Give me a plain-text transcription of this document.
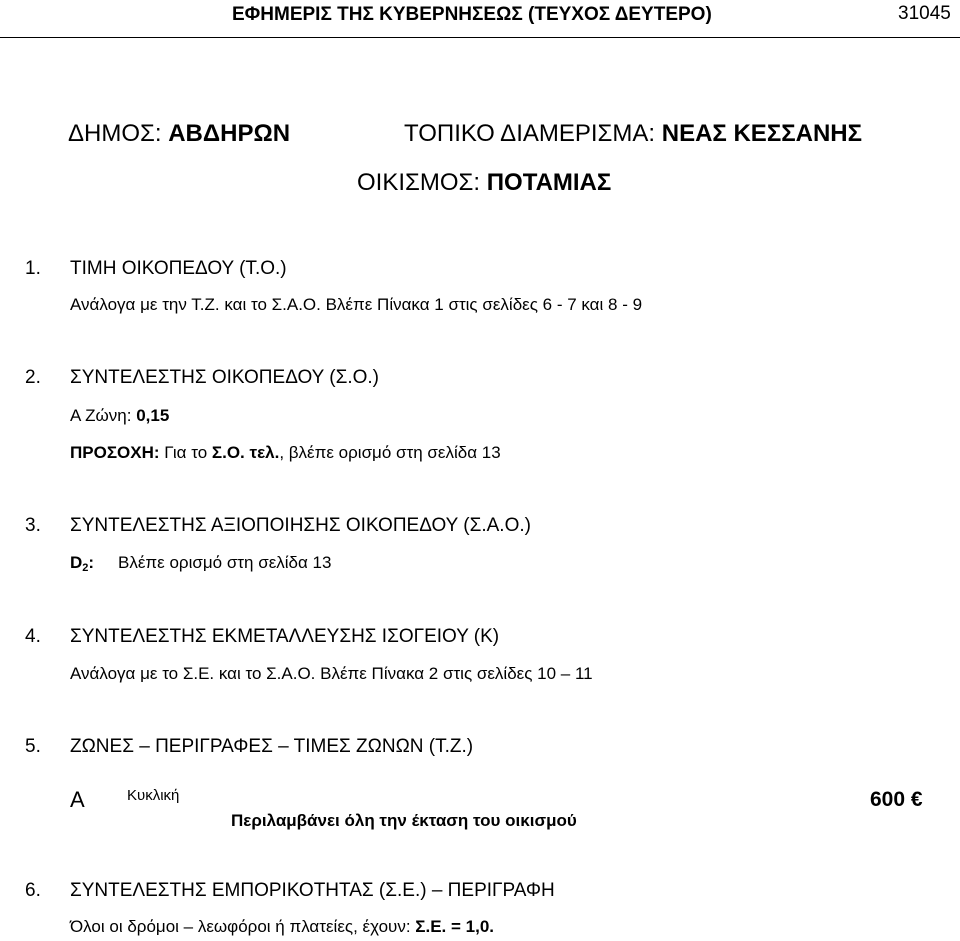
ΕΦΗΜΕΡΙΣ ΤΗΣ ΚΥΒΕΡΝΗΣΕΩΣ (ΤΕΥΧΟΣ ΔΕΥΤΕΡΟ)	31045
ΔΗΜΟΣ: ΑΒΔΗΡΩΝ	ΤΟΠΙΚΟ ΔΙΑΜΕΡΙΣΜΑ: ΝΕΑΣ ΚΕΣΣΑΝΗΣ
ΟΙΚΙΣΜΟΣ: ΠΟΤΑΜΙΑΣ
1. ΤΙΜΗ ΟΙΚΟΠΕΔΟΥ (Τ.Ο.)
Ανάλογα με την Τ.Ζ. και το Σ.Α.Ο. Βλέπε Πίνακα 1 στις σελίδες 6 - 7 και 8 - 9
2. ΣΥΝΤΕΛΕΣΤΗΣ ΟΙΚΟΠΕΔΟΥ (Σ.Ο.)
Α Ζώνη: 0,15
ΠΡΟΣΟΧΗ: Για το Σ.Ο. τελ., βλέπε ορισμό στη σελίδα 13
3. ΣΥΝΤΕΛΕΣΤΗΣ ΑΞΙΟΠΟΙΗΣΗΣ ΟΙΚΟΠΕΔΟΥ (Σ.Α.Ο.)
$D_2$: Βλέπε ορισμό στη σελίδα 13
4. ΣΥΝΤΕΛΕΣΤΗΣ ΕΚΜΕΤΑΛΛΕΥΣΗΣ ΙΣΟΓΕΙΟΥ (Κ)
Ανάλογα με το Σ.Ε. και το Σ.Α.Ο. Βλέπε Πίνακα 2 στις σελίδες 10 – 11
5. ΖΩΝΕΣ – ΠΕΡΙΓΡΑΦΕΣ – ΤΙΜΕΣ ΖΩΝΩΝ (Τ.Ζ.)
Α	Κυκλική	600 €
Περιλαμβάνει όλη την έκταση του οικισμού
6. ΣΥΝΤΕΛΕΣΤΗΣ ΕΜΠΟΡΙΚΟΤΗΤΑΣ (Σ.Ε.) – ΠΕΡΙΓΡΑΦΗ
Όλοι οι δρόμοι – λεωφόροι ή πλατείες, έχουν: Σ.Ε. = 1,0.
